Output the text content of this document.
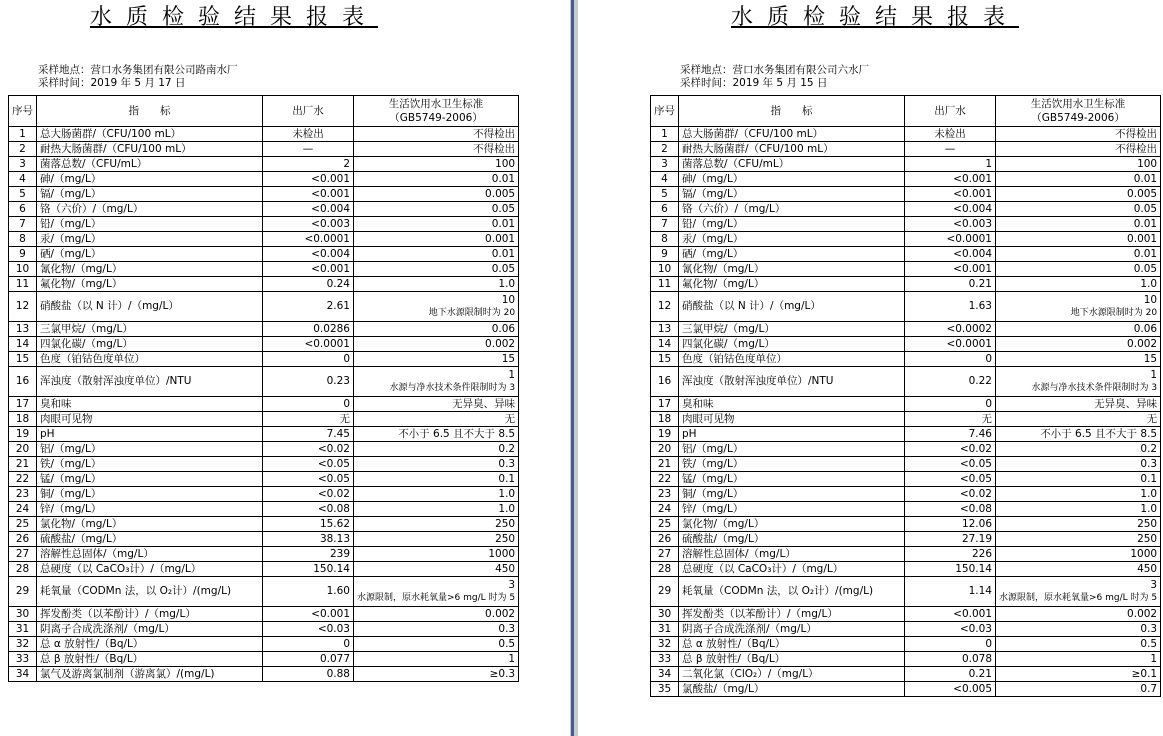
水质检验结果报表
采样地点：营口水务集团有限公司路南水厂
采样时间：2019 年 5 月 17 日
序号	指　　标	出厂水	生活饮用水卫生标准
（GB5749-2006）
1	总大肠菌群/（CFU/100 mL）	未检出	不得检出

2	耐热大肠菌群/（CFU/100 mL）	—	不得检出

3	菌落总数/（CFU/mL）	2	100

4	砷/（mg/L）	<0.001	0.01

5	镉/（mg/L）	<0.001	0.005

6	铬（六价）/（mg/L）	<0.004	0.05

7	铅/（mg/L）	<0.003	0.01

8	汞/（mg/L）	<0.0001	0.001

9	硒/（mg/L）	<0.004	0.01

10	氰化物/（mg/L）	<0.001	0.05

11	氟化物/（mg/L）	0.24	1.0

12	硝酸盐（以 N 计）/（mg/L）	2.61	10
地下水源限制时为 20

13	三氯甲烷/（mg/L）	0.0286	0.06

14	四氯化碳/（mg/L）	<0.0001	0.002

15	色度（铂钴色度单位）	0	15

16	浑浊度（散射浑浊度单位）/NTU	0.23	1
水源与净水技术条件限制时为 3

17	臭和味	0	无异臭、异味

18	肉眼可见物	无	无

19	pH	7.45	不小于 6.5 且不大于 8.5

20	铝/（mg/L）	<0.02	0.2

21	铁/（mg/L）	<0.05	0.3

22	锰/（mg/L）	<0.05	0.1

23	铜/（mg/L）	<0.02	1.0

24	锌/（mg/L）	<0.08	1.0

25	氯化物/（mg/L）	15.62	250

26	硫酸盐/（mg/L）	38.13	250

27	溶解性总固体/（mg/L）	239	1000

28	总硬度（以 CaCO₃计）/（mg/L）	150.14	450

29	耗氧量（CODMn 法，以 O₂计）/(mg/L)	1.60	3
水源限制，原水耗氧量>6 mg/L 时为 5

30	挥发酚类（以苯酚计）/（mg/L）	<0.001	0.002

31	阴离子合成洗涤剂/（mg/L）	<0.03	0.3

32	总 α 放射性/（Bq/L）	0	0.5

33	总 β 放射性/（Bq/L）	0.077	1

34	氯气及游离氯制剂（游离氯）/(mg/L)	0.88	≥0.3
水质检验结果报表
采样地点：营口水务集团有限公司六水厂
采样时间：2019 年 5 月 15 日
序号	指　　标	出厂水	生活饮用水卫生标准
（GB5749-2006）
1	总大肠菌群/（CFU/100 mL）	未检出	不得检出

2	耐热大肠菌群/（CFU/100 mL）	—	不得检出

3	菌落总数/（CFU/mL）	1	100

4	砷/（mg/L）	<0.001	0.01

5	镉/（mg/L）	<0.001	0.005

6	铬（六价）/（mg/L）	<0.004	0.05

7	铅/（mg/L）	<0.003	0.01

8	汞/（mg/L）	<0.0001	0.001

9	硒/（mg/L）	<0.004	0.01

10	氰化物/（mg/L）	<0.001	0.05

11	氟化物/（mg/L）	0.21	1.0

12	硝酸盐（以 N 计）/（mg/L）	1.63	10
地下水源限制时为 20

13	三氯甲烷/（mg/L）	<0.0002	0.06

14	四氯化碳/（mg/L）	<0.0001	0.002

15	色度（铂钴色度单位）	0	15

16	浑浊度（散射浑浊度单位）/NTU	0.22	1
水源与净水技术条件限制时为 3

17	臭和味	0	无异臭、异味

18	肉眼可见物	无	无

19	pH	7.46	不小于 6.5 且不大于 8.5

20	铝/（mg/L）	<0.02	0.2

21	铁/（mg/L）	<0.05	0.3

22	锰/（mg/L）	<0.05	0.1

23	铜/（mg/L）	<0.02	1.0

24	锌/（mg/L）	<0.08	1.0

25	氯化物/（mg/L）	12.06	250

26	硫酸盐/（mg/L）	27.19	250

27	溶解性总固体/（mg/L）	226	1000

28	总硬度（以 CaCO₃计）/（mg/L）	150.14	450

29	耗氧量（CODMn 法，以 O₂计）/(mg/L)	1.14	3
水源限制，原水耗氧量>6 mg/L 时为 5

30	挥发酚类（以苯酚计）/（mg/L）	<0.001	0.002

31	阴离子合成洗涤剂/（mg/L）	<0.03	0.3

32	总 α 放射性/（Bq/L）	0	0.5

33	总 β 放射性/（Bq/L）	0.078	1

34	二氧化氯（ClO₂）/（mg/L）	0.21	≥0.1

35	氯酸盐/（mg/L）	<0.005	0.7
